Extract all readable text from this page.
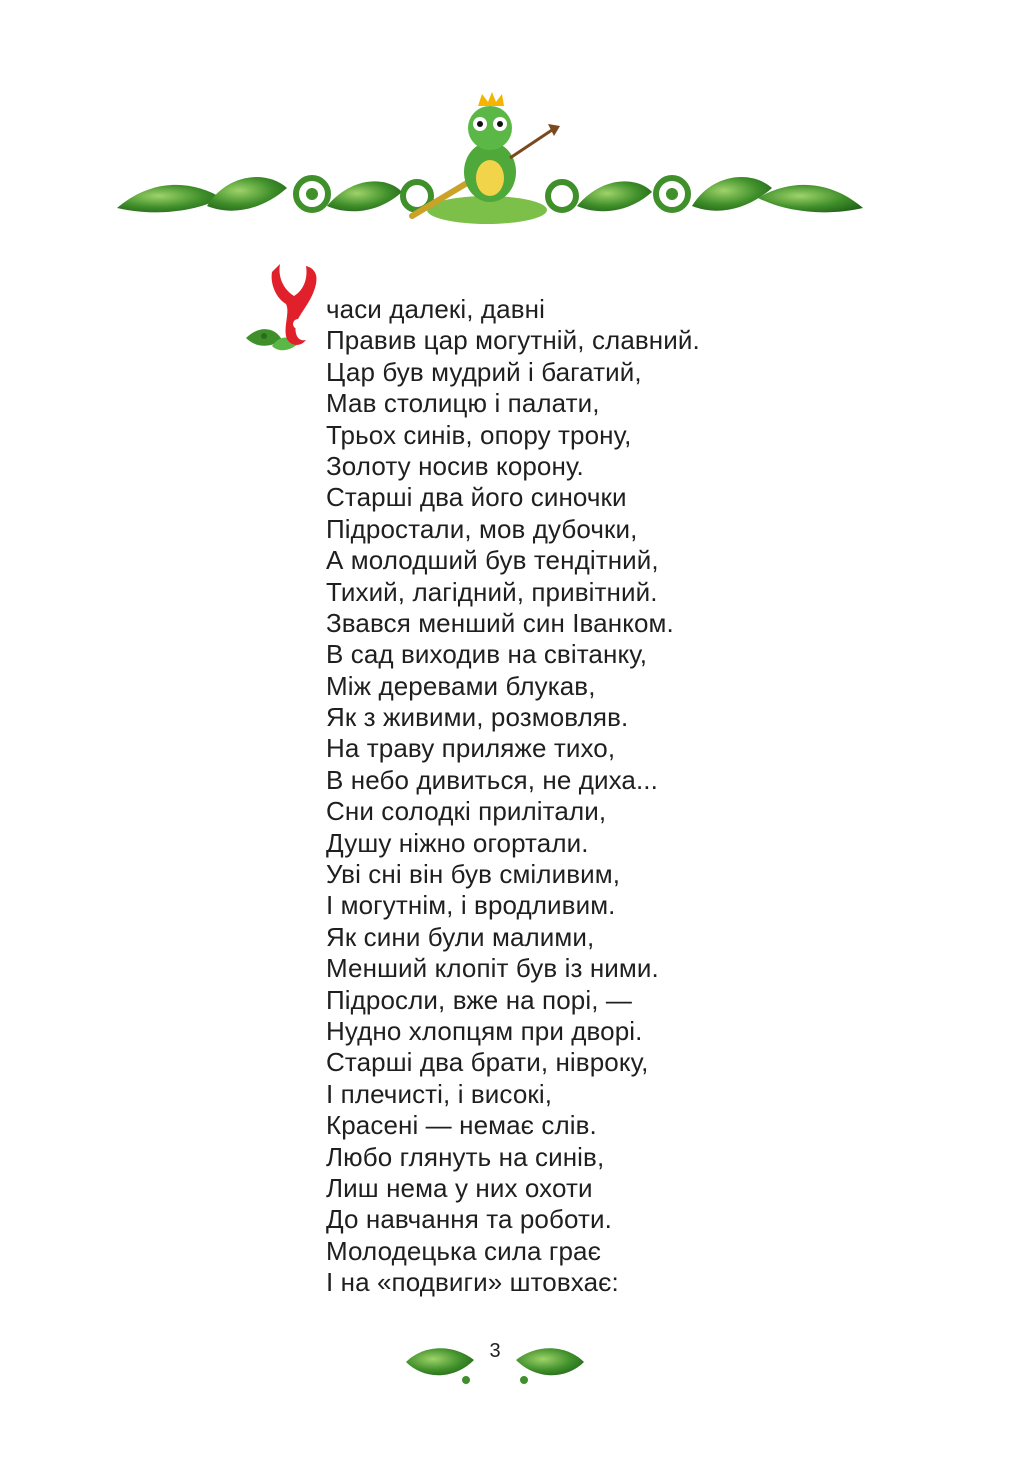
часи далекі, давні
Правив цар могутній, славний.
Цар був мудрий і багатий,
Мав столицю і палати,
Трьох синів, опору трону,
Золоту носив корону.
Старші два його синочки
Підростали, мов дубочки,
А молодший був тендітний,
Тихий, лагідний, привітний.
Звався менший син Іванком.
В сад виходив на світанку,
Між деревами блукав,
Як з живими, розмовляв.
На траву приляже тихо,
В небо дивиться, не диха...
Сни солодкі прилітали,
Душу ніжно огортали.
Уві сні він був сміливим,
І могутнім, і вродливим.
Як сини були малими,
Менший клопіт був із ними.
Підросли, вже на порі, —
Нудно хлопцям при дворі.
Старші два брати, нівроку,
І плечисті, і високі,
Красені — немає слів.
Любо глянуть на синів,
Лиш нема у них охоти
До навчання та роботи.
Молодецька сила грає
І на «подвиги» штовхає:
3
